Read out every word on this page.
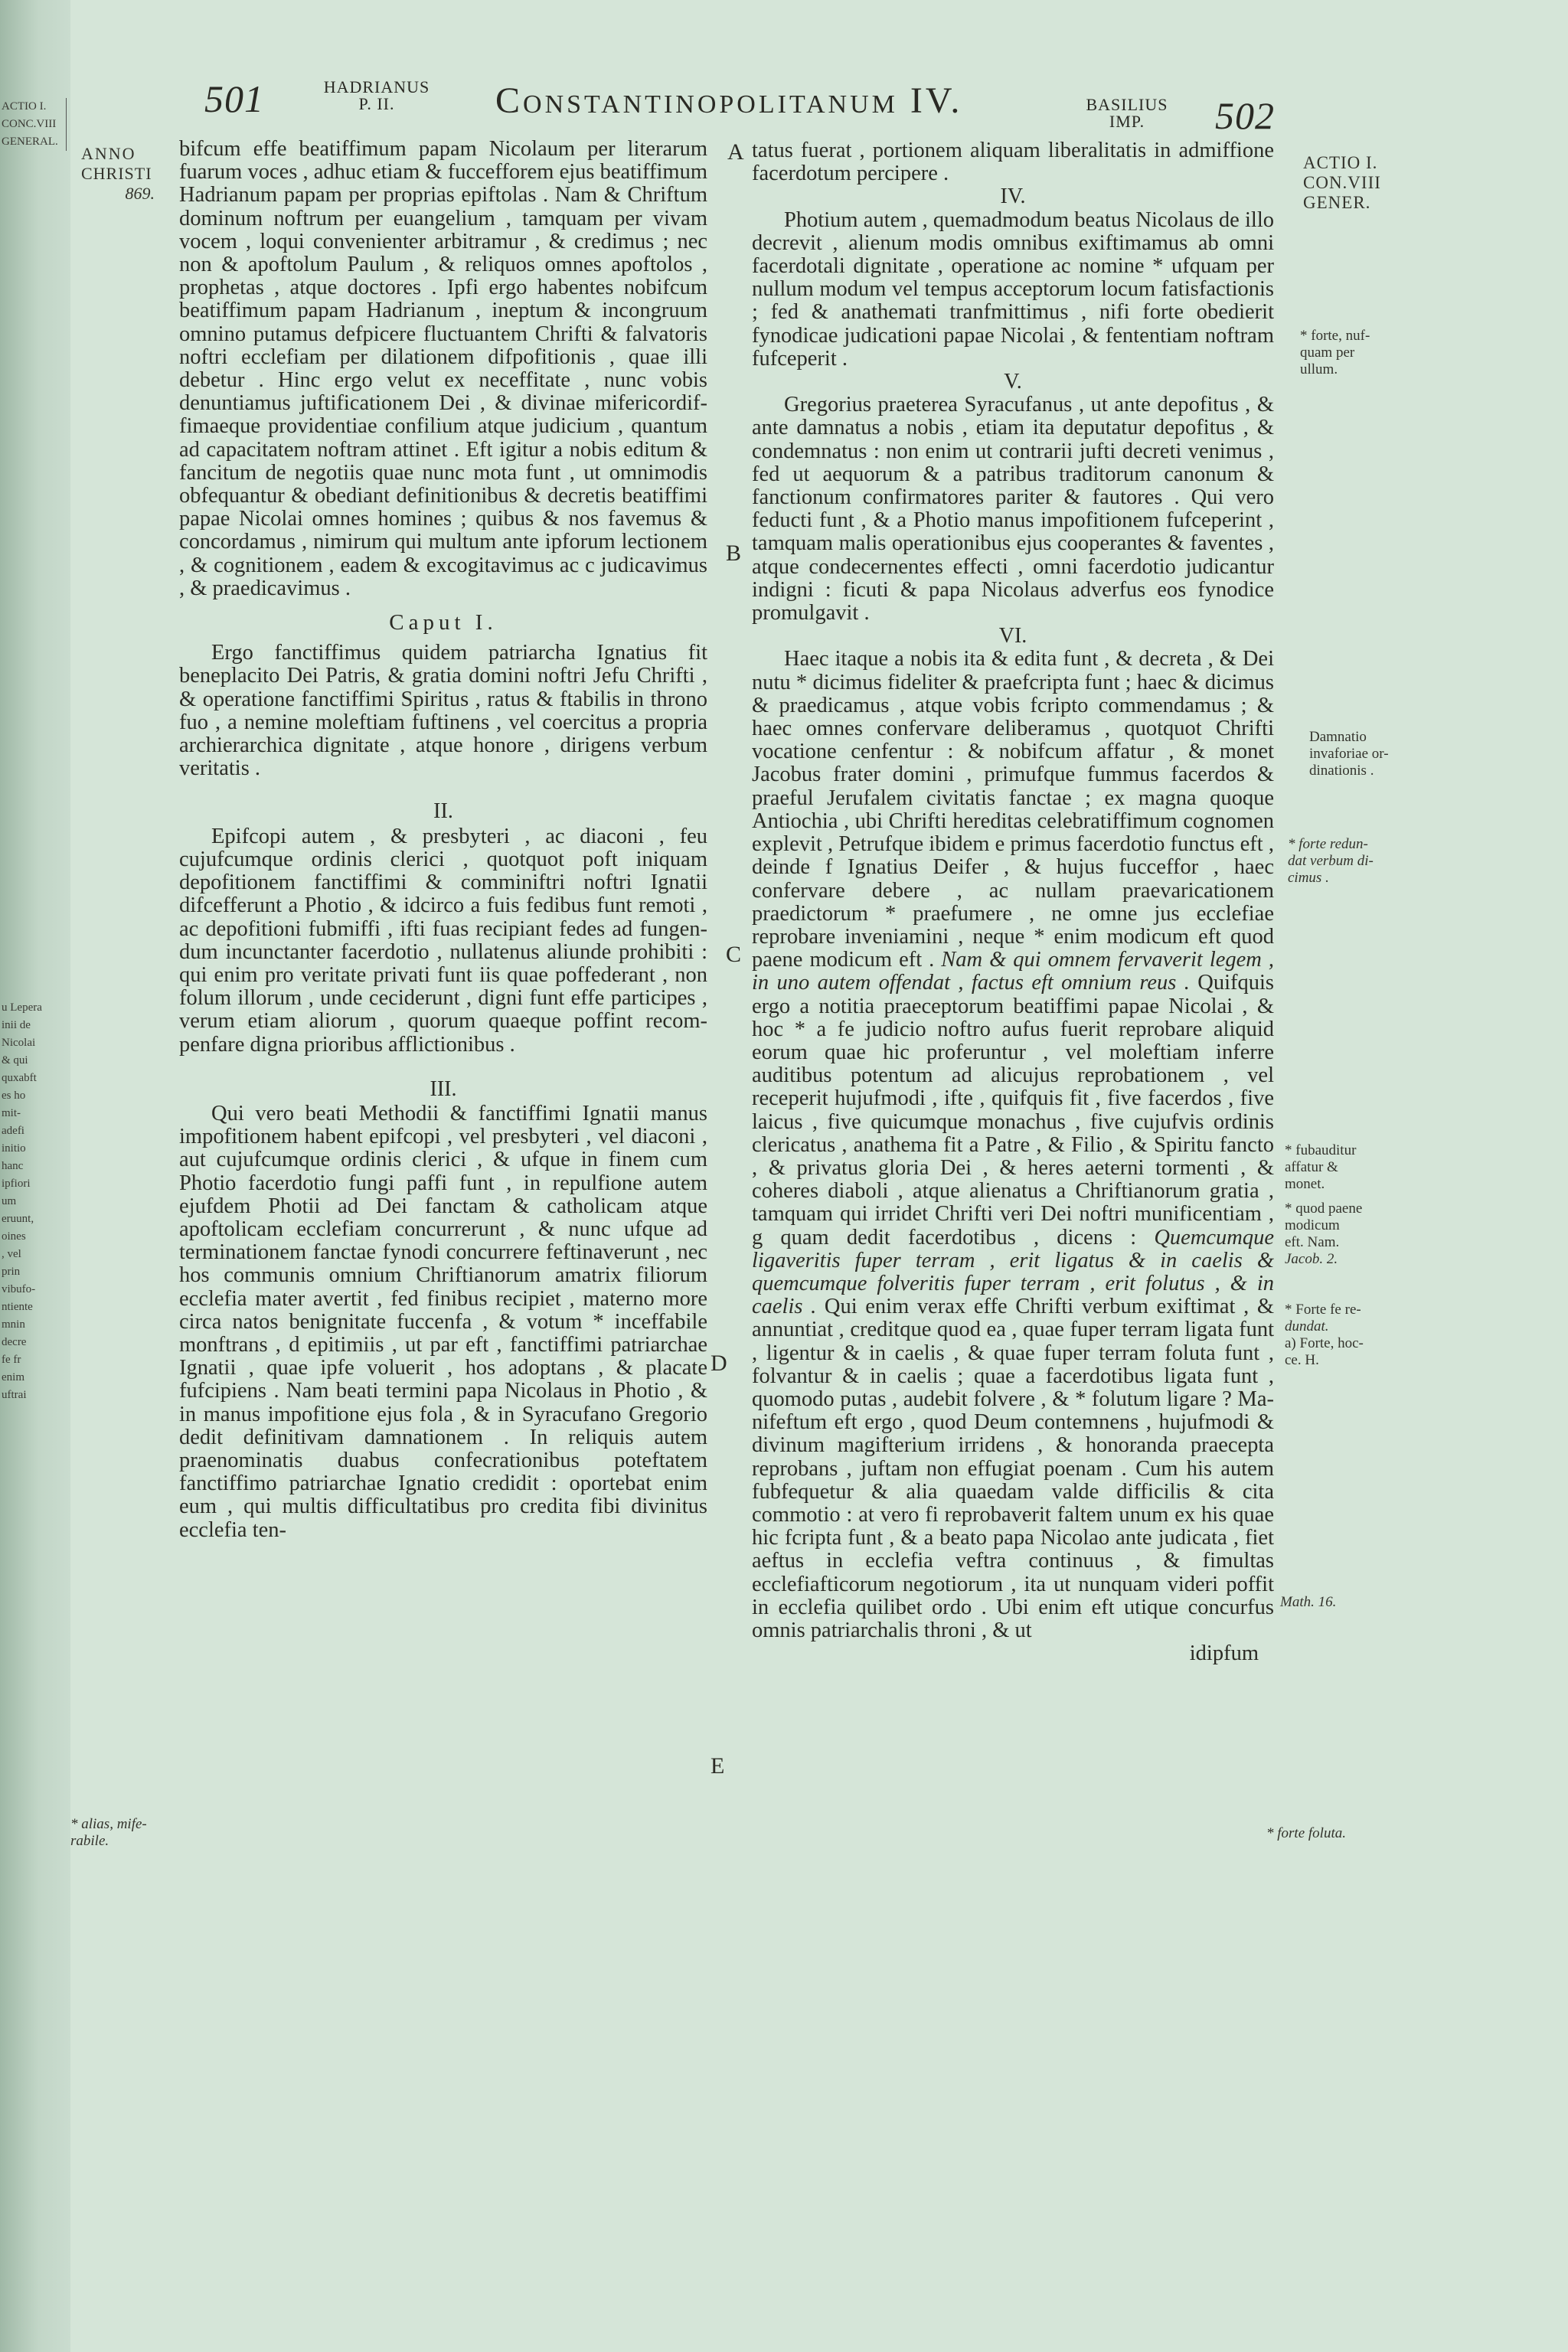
ACTIO I.
CONC.VIII
GENERAL.
u Lepera
inii de
Nicolai
& qui
quxabft
es ho
mit-
adefi
initio
hanc
ipfiori
um
eruunt,
oines
, vel
prin
vibufo-
ntiente
mnin
decre
fe fr
enim
uftrai
501	HADRIANUS
P. II.	Constantinopolitanum IV.	BASILIUS
IMP.	502
ANNO
CHRISTI
869.
* alias, mife-
rabile.
A
B
C
D
E

bifcum effe beatiffimum papam Nicolaum per literarum fuarum voces , adhuc etiam & fuccefforem ejus beatiffimum Hadrianum papam per proprias epiftolas . Nam & Chriftum dominum noftrum per euangelium , tamquam per vivam vocem , loqui convenienter arbitramur , & credimus ; nec non & apoftolum Paulum , & reliquos omnes apoftolos , prophetas , atque doctores . Ipfi ergo habentes nobifcum beatiffimum papam Hadrianum , ineptum & incongruum omnino putamus defpicere fluctuantem Chrifti & falvatoris noftri ecclefiam per dilationem difpofitionis , quae illi debetur . Hinc ergo velut ex neceffitate , nunc vobis denuntiamus juftificationem Dei , & divinae mifericordiffimaeque providentiae confilium atque judicium , quantum ad capacitatem noftram attinet . Eft igitur a nobis editum & fancitum de negotiis quae nunc mota funt , ut omnimodis obfequantur & obediant definitionibus & decretis beatiffimi papae Nicolai omnes homines ; quibus & nos favemus & concordamus , nimirum qui multum ante ipforum lectionem , & cognitionem , eadem & excogitavimus ac c judicavimus , & praedicavimus .

Caput I.

Ergo fanctiffimus quidem patriarcha Ignatius fit beneplacito Dei Patris, & gratia domini noftri Jefu Chrifti , & operatione fanctiffimi Spiritus , ratus & ftabilis in throno fuo , a nemine moleftiam fuftinens , vel coercitus a propria archierarchica dignitate , atque honore , dirigens verbum veritatis .

II.

Epifcopi autem , & presbyteri , ac diaconi , feu cujufcumque ordinis clerici , quotquot poft iniquam depofitionem fanctiffimi & comminiftri noftri Ignatii difcefferunt a Photio , & idcirco a fuis fedibus funt remoti , ac depofitioni fubmiffi , ifti fuas recipiant fedes ad fungendum incunctanter facerdotio , nullatenus aliunde prohibiti : qui enim pro veritate privati funt iis quae poffederant , non folum illorum , unde ceciderunt , digni funt effe participes , verum etiam aliorum , quorum quaeque poffint recompenfare digna prioribus afflictionibus .

III.

Qui vero beati Methodii & fanctiffimi Ignatii manus impofitionem habent epifcopi , vel presbyteri , vel diaconi , aut cujufcumque ordinis clerici , & ufque in finem cum Photio facerdotio fungi paffi funt , in repulfione autem ejufdem Photii ad Dei fanctam & catholicam atque apoftolicam ecclefiam concurrerunt , & nunc ufque ad terminationem fanctae fynodi concurrere feftinaverunt , nec hos communis omnium Chriftianorum amatrix filiorum ecclefia mater avertit , fed finibus recipiet , materno more circa natos benignitate fuccenfa , & votum * inceffabile monftrans , d epitimiis , ut par eft , fanctiffimi patriarchae Ignatii , quae ipfe voluerit , hos adoptans , & placate fufcipiens . Nam beati termini papa Nicolaus in Photio , & in manus impofitione ejus fola , & in Syracufano Gregorio dedit definitivam damnationem . In reliquis autem praenominatis duabus confecrationibus poteftatem fanctiffimo patriarchae Ignatio credidit : oportebat enim eum , qui multis difficultatibus pro credita fibi divinitus ecclefia ten-

tatus fuerat , portionem aliquam liberalitatis in admiffione facerdotum percipere .

IV.

Photium autem , quemadmodum beatus Nicolaus de illo decrevit , alienum modis omnibus exiftimamus ab omni facerdotali dignitate , operatione ac nomine * ufquam per nullum modum vel tempus acceptorum locum fatisfactionis ; fed & anathemati tranfmittimus , nifi forte obedierit fynodicae judicationi papae Nicolai , & fententiam noftram fufceperit .

V.

Gregorius praeterea Syracufanus , ut ante depofitus , & ante damnatus a nobis , etiam ita deputatur depofitus , & condemnatus : non enim ut contrarii jufti decreti venimus , fed ut aequorum & a patribus traditorum canonum & fanctionum confirmatores pariter & fautores . Qui vero feducti funt , & a Photio manus impofitionem fufceperint , tamquam malis operationibus ejus cooperantes & faventes , atque condecernentes effecti , omni facerdotio judicantur indigni : ficuti & papa Nicolaus adverfus eos fynodice promulgavit .

VI.

Haec itaque a nobis ita & edita funt , & decreta , & Dei nutu * dicimus fideliter & praefcripta funt ; haec & dicimus & praedicamus , atque vobis fcripto commendamus ; & haec omnes confervare deliberamus , quotquot Chrifti vocatione cenfentur : & nobifcum affatur , & monet Jacobus frater domini , primufque fummus facerdos & praeful Jerufalem civitatis fanctae ; ex magna quoque Antiochia , ubi Chrifti hereditas celebratiffimum cognomen explevit , Petrufque ibidem e primus facerdotio functus eft , deinde f Ignatius Deifer , & hujus fucceffor , haec confervare debere , ac nullam praevaricationem praedictorum * praefumere , ne omne jus ecclefiae reprobare inveniamini , neque * enim modicum eft quod paene modicum eft . Nam & qui omnem fervaverit legem , in uno autem offendat , factus eft omnium reus . Quifquis ergo a notitia praeceptorum beatiffimi papae Nicolai , & hoc * a fe judicio noftro aufus fuerit reprobare aliquid eorum quae hic proferuntur , vel moleftiam inferre auditibus potentum ad alicujus reprobationem , vel receperit hujufmodi , ifte , quifquis fit , five facerdos , five laicus , five quicumque monachus , five cujufvis ordinis clericatus , anathema fit a Patre , & Filio , & Spiritu fancto , & privatus gloria Dei , & heres aeterni tormenti , & coheres diaboli , atque alienatus a Chriftianorum gratia , tamquam qui irridet Chrifti veri Dei noftri munificentiam , g quam dedit facerdotibus , dicens : Quemcumque ligaveritis fuper terram , erit ligatus & in caelis & quemcumque folveritis fuper terram , erit folutus , & in caelis . Qui enim verax effe Chrifti verbum exiftimat , & annuntiat , creditque quod ea , quae fuper terram ligata funt , ligentur & in caelis , & quae fuper terram foluta funt , folvantur & in caelis ; quae a facerdotibus ligata funt , quomodo putas , audebit folvere , & * folutum ligare ? Manifeftum eft ergo , quod Deum contemnens , hujufmodi & divinum magifterium irridens , & honoranda praecepta reprobans , juftam non effugiat poenam . Cum his autem fubfequetur & alia quaedam valde difficilis & cita commotio : at vero fi reprobaverit faltem unum ex his quae hic fcripta funt , & a beato papa Nicolao ante judicata , fiet aeftus in ecclefia veftra continuus , & fimultas ecclefiafticorum negotiorum , ita ut nunquam videri poffit in ecclefia quilibet ordo . Ubi enim eft utique concurfus omnis patriarchalis throni , & ut

idipfum

ACTIO I.
CON.VIII
GENER.
* forte, nuf-
quam per
ullum.
Damnatio
invaforiae or-
dinationis .
* forte redun-
dat verbum di-
cimus .
* fubauditur
affatur &
monet.
* quod paene
modicum
eft. Nam.
Jacob. 2.
* Forte fe re-
dundat.
a) Forte, hoc-
ce. H.
Math. 16.
* forte foluta.
